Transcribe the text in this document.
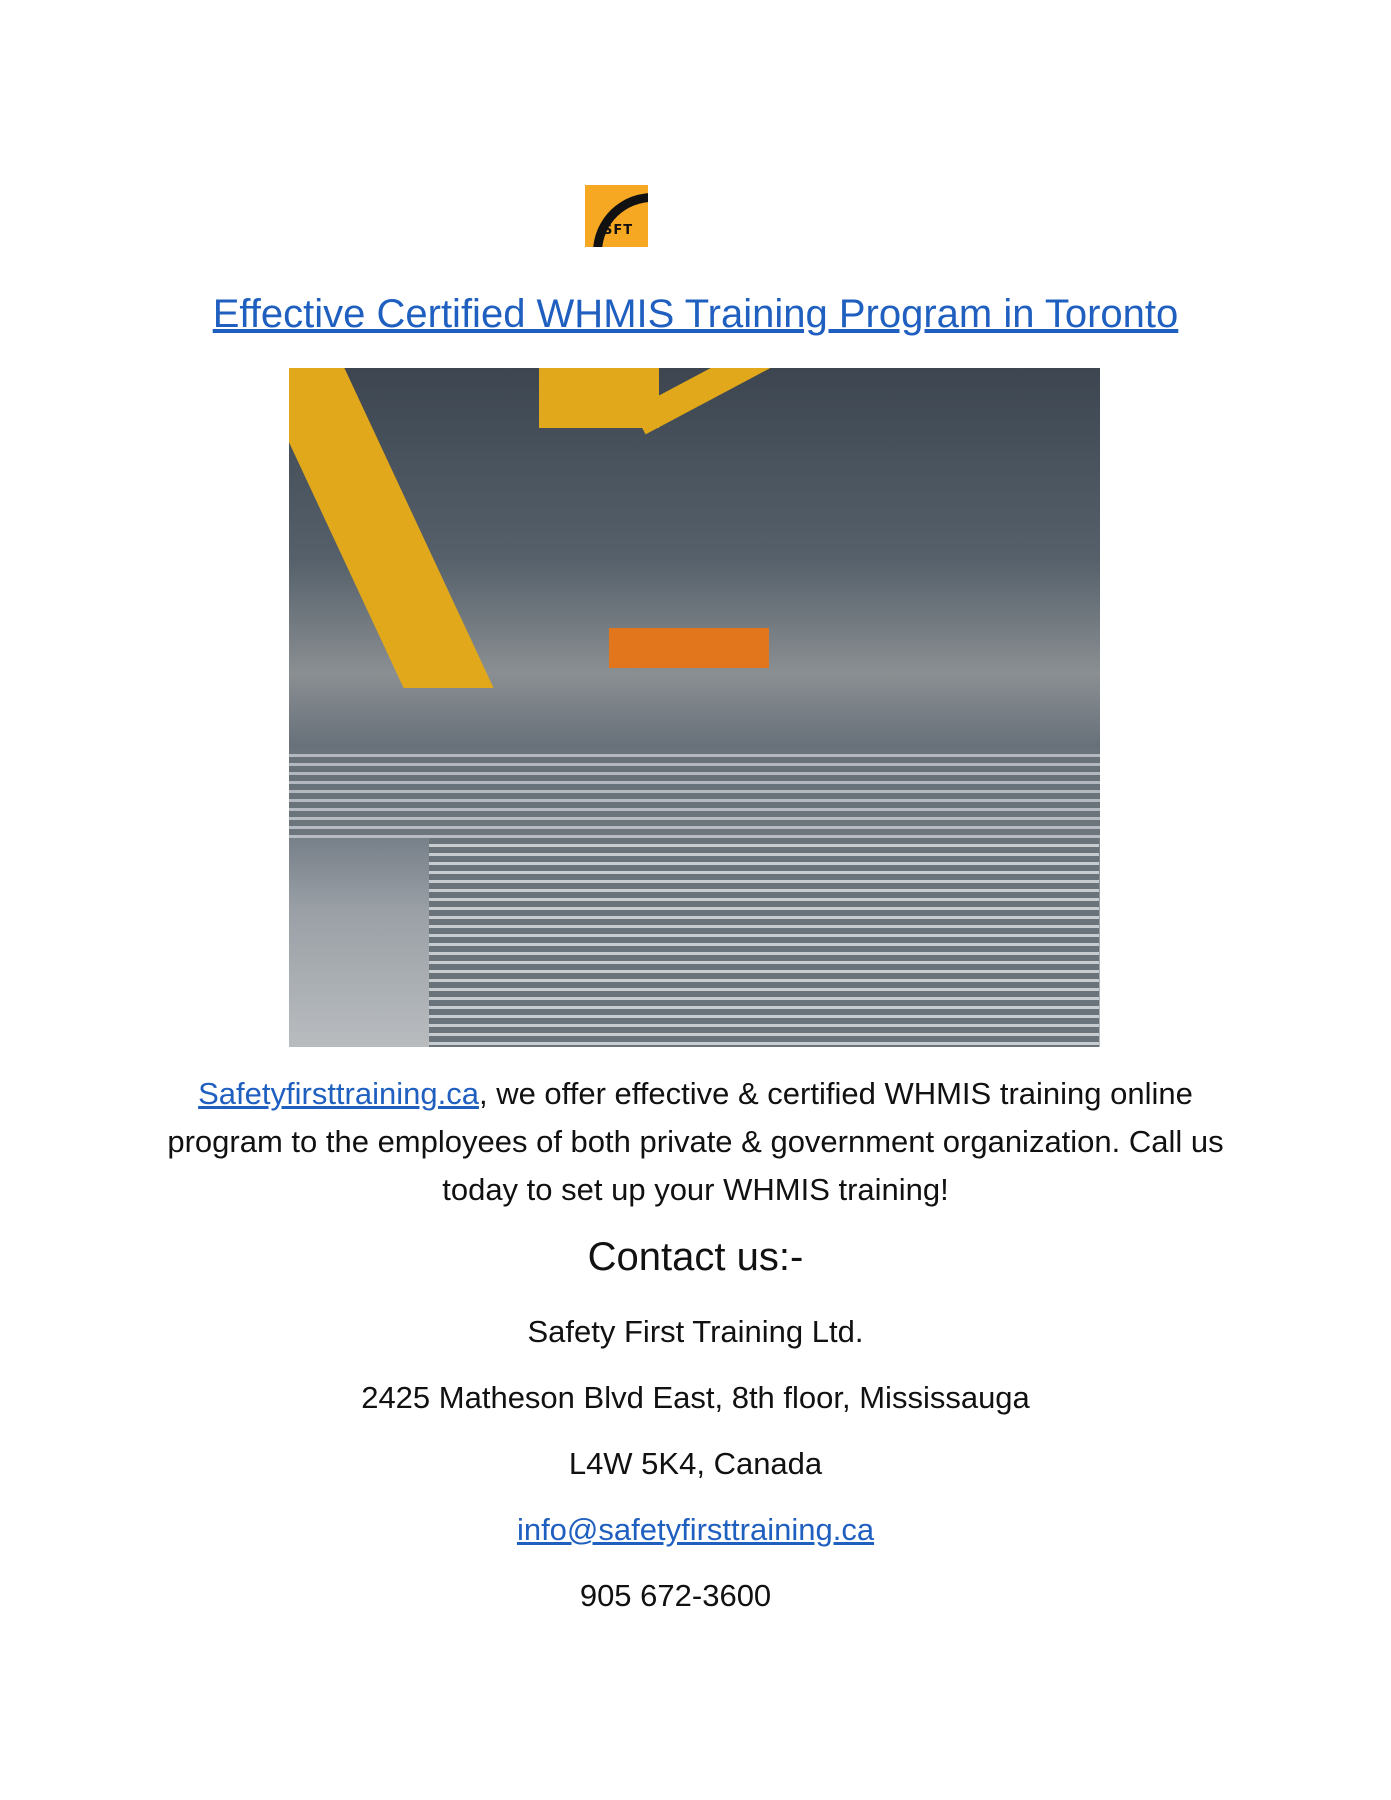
SFT
Effective Certified WHMIS Training Program in Toronto
Safetyfirsttraining.ca, we offer effective & certified WHMIS training online program to the employees of both private & government organization. Call us today to set up your WHMIS training!
Contact us:-
Safety First Training Ltd.
2425 Matheson Blvd East, 8th floor, Mississauga
L4W 5K4, Canada
info@safetyfirsttraining.ca
905 672-3600
